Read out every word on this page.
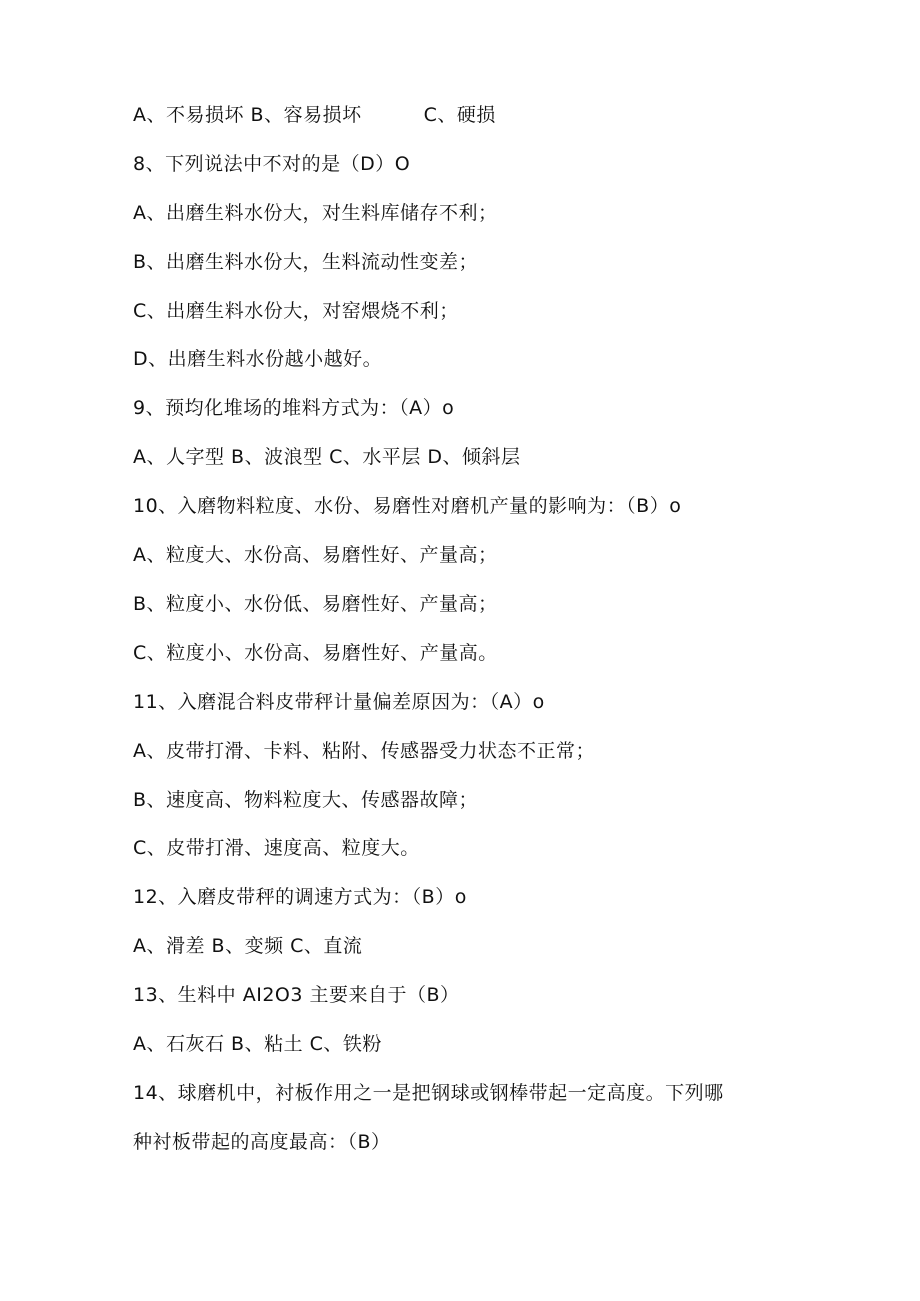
A、不易损坏 B、容易损坏	C、硬损
8、下列说法中不对的是（D）O
A、出磨生料水份大，对生料库储存不利；
B、出磨生料水份大，生料流动性变差；
C、出磨生料水份大，对窑煨烧不利；
D、出磨生料水份越小越好。
9、预均化堆场的堆料方式为：（A）o
A、人字型 B、波浪型 C、水平层 D、倾斜层
10、入磨物料粒度、水份、易磨性对磨机产量的影响为：（B）o
A、粒度大、水份高、易磨性好、产量高；
B、粒度小、水份低、易磨性好、产量高；
C、粒度小、水份高、易磨性好、产量高。
11、入磨混合料皮带秤计量偏差原因为：（A）o
A、皮带打滑、卡料、粘附、传感器受力状态不正常；
B、速度高、物料粒度大、传感器故障；
C、皮带打滑、速度高、粒度大。
12、入磨皮带秤的调速方式为：（B）o
A、滑差 B、变频 C、直流
13、生料中 AI2O3 主要来自于（B）
A、石灰石 B、粘土 C、铁粉
14、球磨机中，衬板作用之一是把钢球或钢棒带起一定高度。下列哪
种衬板带起的高度最高：（B）
